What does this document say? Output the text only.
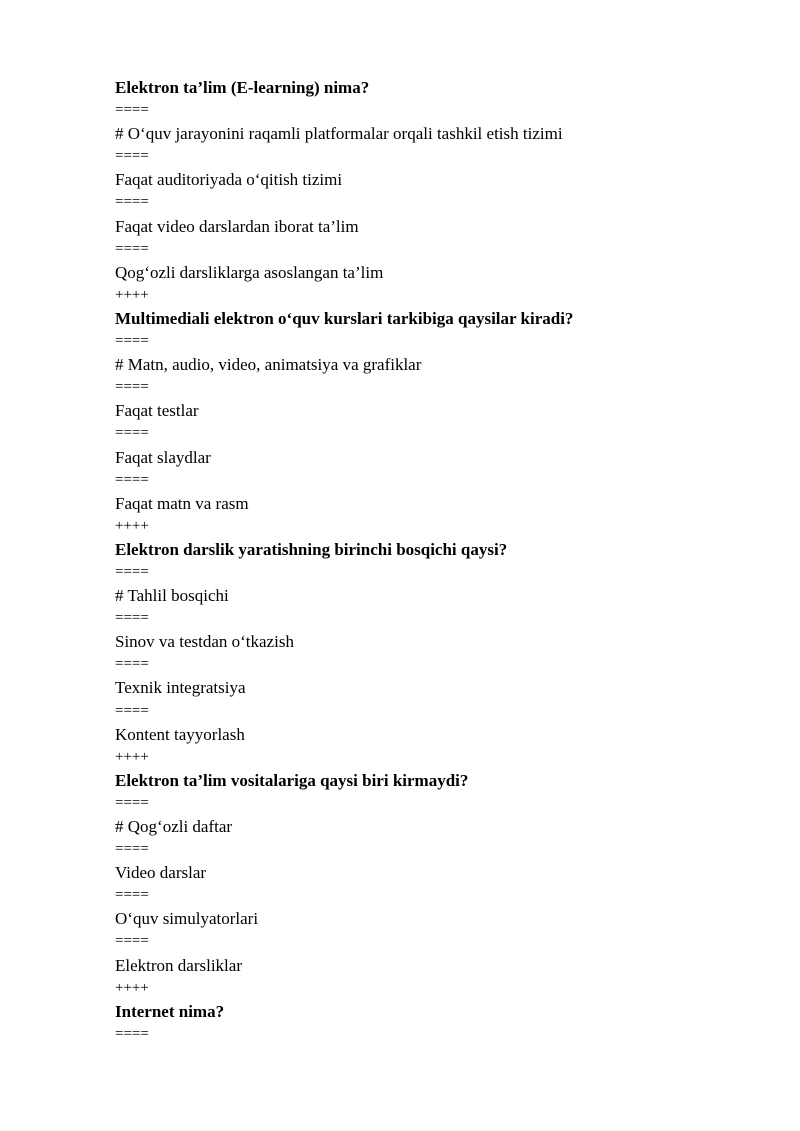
Elektron ta’lim (E-learning) nima?
====
# O‘quv jarayonini raqamli platformalar orqali tashkil etish tizimi
====
Faqat auditoriyada o‘qitish tizimi
====
Faqat video darslardan iborat ta’lim
====
Qog‘ozli darsliklarga asoslangan ta’lim
++++
Multimediali elektron o‘quv kurslari tarkibiga qaysilar kiradi?
====
# Matn, audio, video, animatsiya va grafiklar
====
Faqat testlar
====
Faqat slaydlar
====
Faqat matn va rasm
++++
Elektron darslik yaratishning birinchi bosqichi qaysi?
====
# Tahlil bosqichi
====
Sinov va testdan o‘tkazish
====
Texnik integratsiya
====
Kontent tayyorlash
++++
Elektron ta’lim vositalariga qaysi biri kirmaydi?
====
# Qog‘ozli daftar
====
Video darslar
====
O‘quv simulyatorlari
====
Elektron darsliklar
++++
Internet nima?
====
